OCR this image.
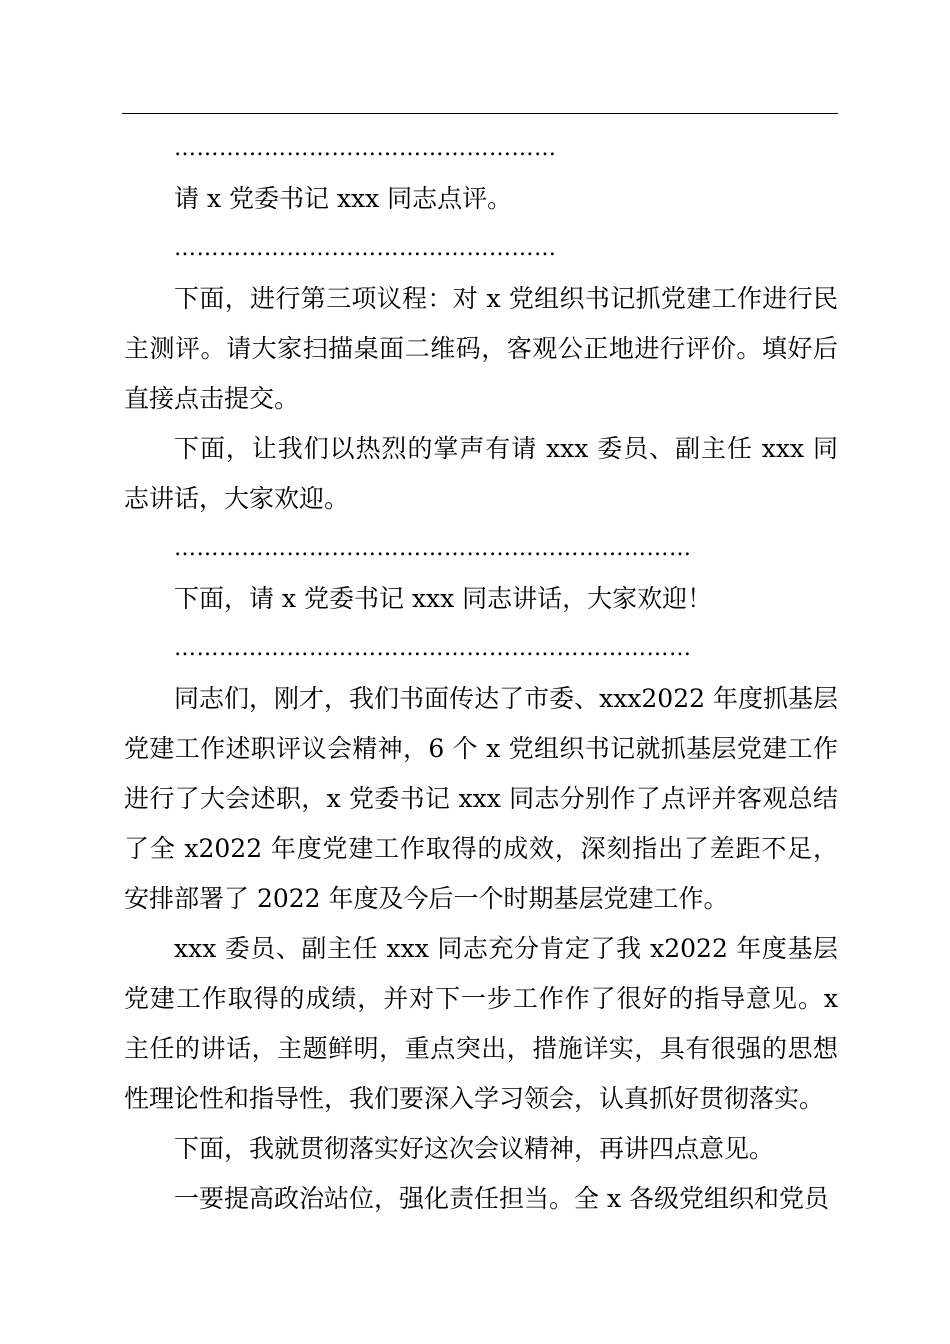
……………………………………………

请 x 党委书记 xxx 同志点评。

……………………………………………

下面，进行第三项议程：对 x 党组织书记抓党建工作进行民主测评。请大家扫描桌面二维码，客观公正地进行评价。填好后直接点击提交。

下面，让我们以热烈的掌声有请 xxx 委员、副主任 xxx 同志讲话，大家欢迎。

……………………………………………………………

下面，请 x 党委书记 xxx 同志讲话，大家欢迎！

……………………………………………………………

同志们，刚才，我们书面传达了市委、xxx2022 年度抓基层党建工作述职评议会精神，6 个 x 党组织书记就抓基层党建工作进行了大会述职，x 党委书记 xxx 同志分别作了点评并客观总结了全 x2022 年度党建工作取得的成效，深刻指出了差距不足，安排部署了 2022 年度及今后一个时期基层党建工作。

xxx 委员、副主任 xxx 同志充分肯定了我 x2022 年度基层党建工作取得的成绩，并对下一步工作作了很好的指导意见。x 主任的讲话，主题鲜明，重点突出，措施详实，具有很强的思想性理论性和指导性，我们要深入学习领会，认真抓好贯彻落实。

下面，我就贯彻落实好这次会议精神，再讲四点意见。

一要提高政治站位，强化责任担当。全 x 各级党组织和党员
